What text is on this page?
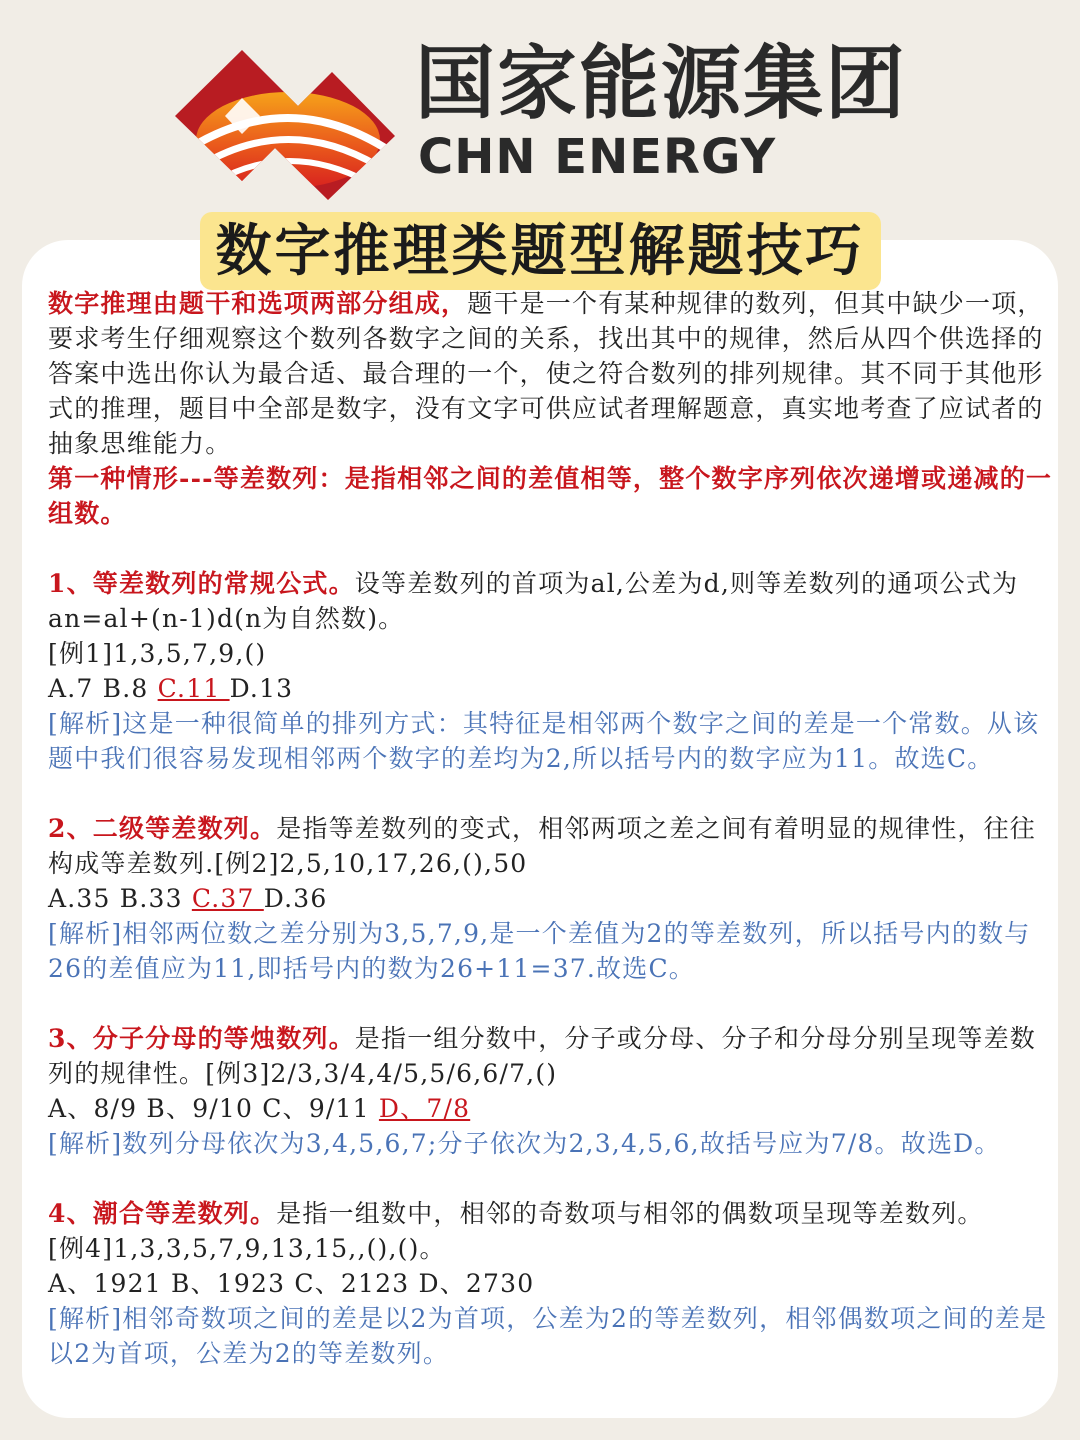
国家能源集团
CHN ENERGY
数字推理类题型解题技巧

数字推理由题干和选项两部分组成，题干是一个有某种规律的数列，但其中缺少一项，要求考生仔细观察这个数列各数字之间的关系，找出其中的规律，然后从四个供选择的答案中选出你认为最合适、最合理的一个，使之符合数列的排列规律。其不同于其他形式的推理，题目中全部是数字，没有文字可供应试者理解题意，真实地考查了应试者的抽象思维能力。

第一种情形---等差数列：是指相邻之间的差值相等，整个数字序列依次递增或递减的一组数。

1、等差数列的常规公式。设等差数列的首项为al,公差为d,则等差数列的通项公式为an=al+(n-1)d(n为自然数)。

[例1]1,3,5,7,9,()

A.7 B.8 C.11 D.13

[解析]这是一种很简单的排列方式：其特征是相邻两个数字之间的差是一个常数。从该题中我们很容易发现相邻两个数字的差均为2,所以括号内的数字应为11。故选C。

2、二级等差数列。是指等差数列的变式，相邻两项之差之间有着明显的规律性，往往构成等差数列.[例2]2,5,10,17,26,(),50

A.35 B.33 C.37 D.36

[解析]相邻两位数之差分别为3,5,7,9,是一个差值为2的等差数列，所以括号内的数与26的差值应为11,即括号内的数为26+11=37.故选C。

3、分子分母的等烛数列。是指一组分数中，分子或分母、分子和分母分别呈现等差数列的规律性。[例3]2/3,3/4,4/5,5/6,6/7,()

A、8/9 B、9/10 C、9/11 D、7/8

[解析]数列分母依次为3,4,5,6,7;分子依次为2,3,4,5,6,故括号应为7/8。故选D。

4、潮合等差数列。是指一组数中，相邻的奇数项与相邻的偶数项呈现等差数列。

[例4]1,3,3,5,7,9,13,15,,(),()。

A、1921 B、1923 C、2123 D、2730

[解析]相邻奇数项之间的差是以2为首项，公差为2的等差数列，相邻偶数项之间的差是以2为首项，公差为2的等差数列。
